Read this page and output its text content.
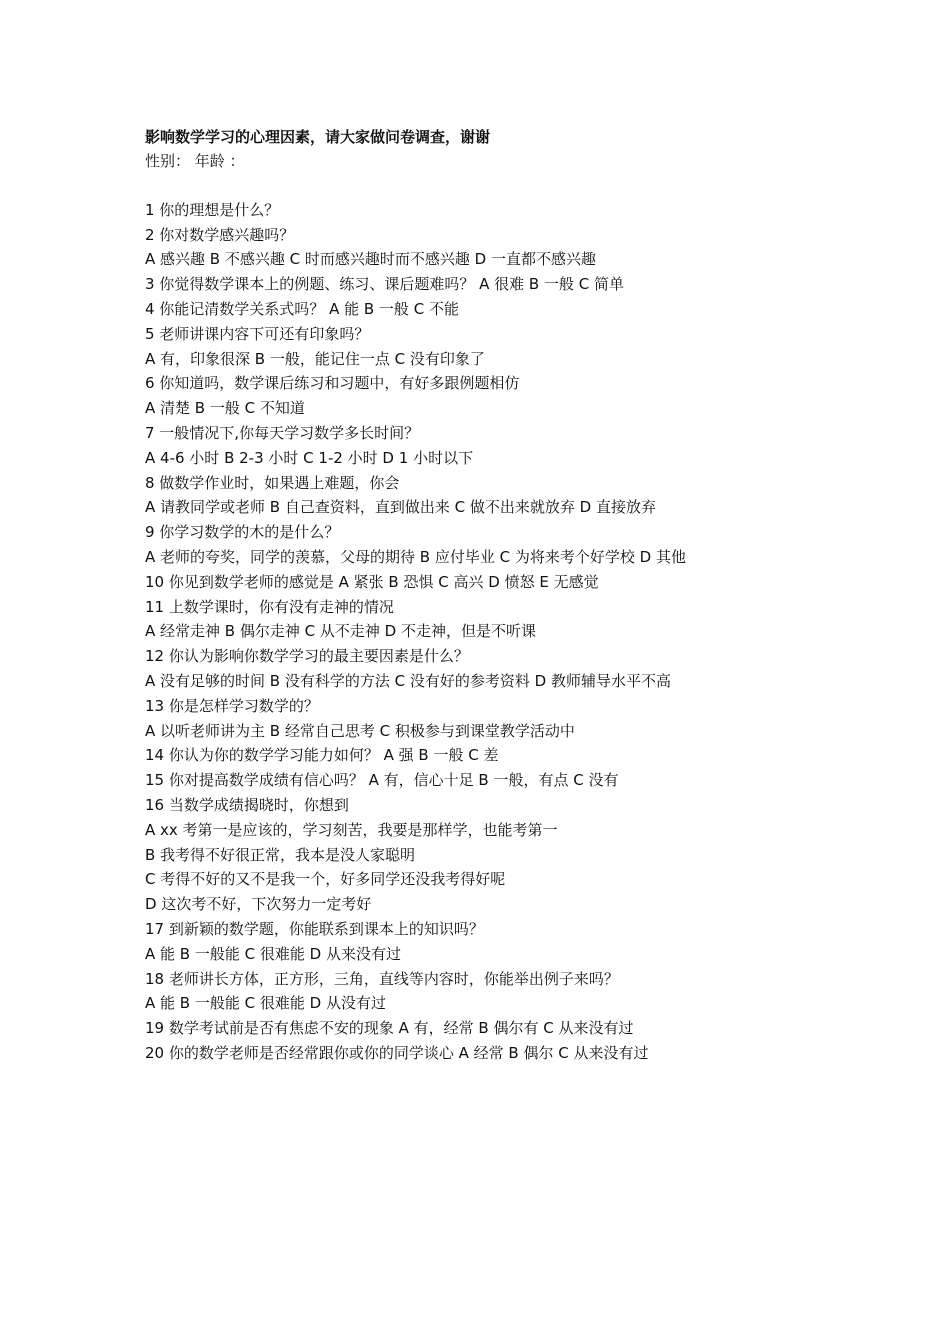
影响数学学习的心理因素，请大家做问卷调查，谢谢
性别： 年龄 ：
1 你的理想是什么？
2 你对数学感兴趣吗？
A 感兴趣 B 不感兴趣 C 时而感兴趣时而不感兴趣 D 一直都不感兴趣
3 你觉得数学课本上的例题、练习、课后题难吗？ A 很难 B 一般 C 简单
4 你能记清数学关系式吗？ A 能 B 一般 C 不能
5 老师讲课内容下可还有印象吗？
A 有，印象很深 B 一般，能记住一点 C 没有印象了
6 你知道吗，数学课后练习和习题中，有好多跟例题相仿
A 清楚 B 一般 C 不知道
7 一般情况下,你每天学习数学多长时间？
A 4-6 小时 B 2-3 小时 C 1-2 小时 D 1 小时以下
8 做数学作业时，如果遇上难题，你会
A 请教同学或老师 B 自己查资料，直到做出来 C 做不出来就放弃 D 直接放弃
9 你学习数学的木的是什么？
A 老师的夸奖，同学的羡慕，父母的期待 B 应付毕业 C 为将来考个好学校 D 其他
10 你见到数学老师的感觉是 A 紧张 B 恐惧 C 高兴 D 愤怒 E 无感觉
11 上数学课时，你有没有走神的情况
A 经常走神 B 偶尔走神 C 从不走神 D 不走神，但是不听课
12 你认为影响你数学学习的最主要因素是什么？
A 没有足够的时间 B 没有科学的方法 C 没有好的参考资料 D 教师辅导水平不高
13 你是怎样学习数学的？
A 以听老师讲为主 B 经常自己思考 C 积极参与到课堂教学活动中
14 你认为你的数学学习能力如何？ A 强 B 一般 C 差
15 你对提高数学成绩有信心吗？ A 有，信心十足 B 一般，有点 C 没有
16 当数学成绩揭晓时，你想到
A xx 考第一是应该的，学习刻苦，我要是那样学，也能考第一
B 我考得不好很正常，我本是没人家聪明
C 考得不好的又不是我一个，好多同学还没我考得好呢
D 这次考不好，下次努力一定考好
17 到新颖的数学题，你能联系到课本上的知识吗？
A 能 B 一般能 C 很难能 D 从来没有过
18 老师讲长方体，正方形，三角，直线等内容时，你能举出例子来吗？
A 能 B 一般能 C 很难能 D 从没有过
19 数学考试前是否有焦虑不安的现象 A 有，经常 B 偶尔有 C 从来没有过
20 你的数学老师是否经常跟你或你的同学谈心 A 经常 B 偶尔 C 从来没有过
